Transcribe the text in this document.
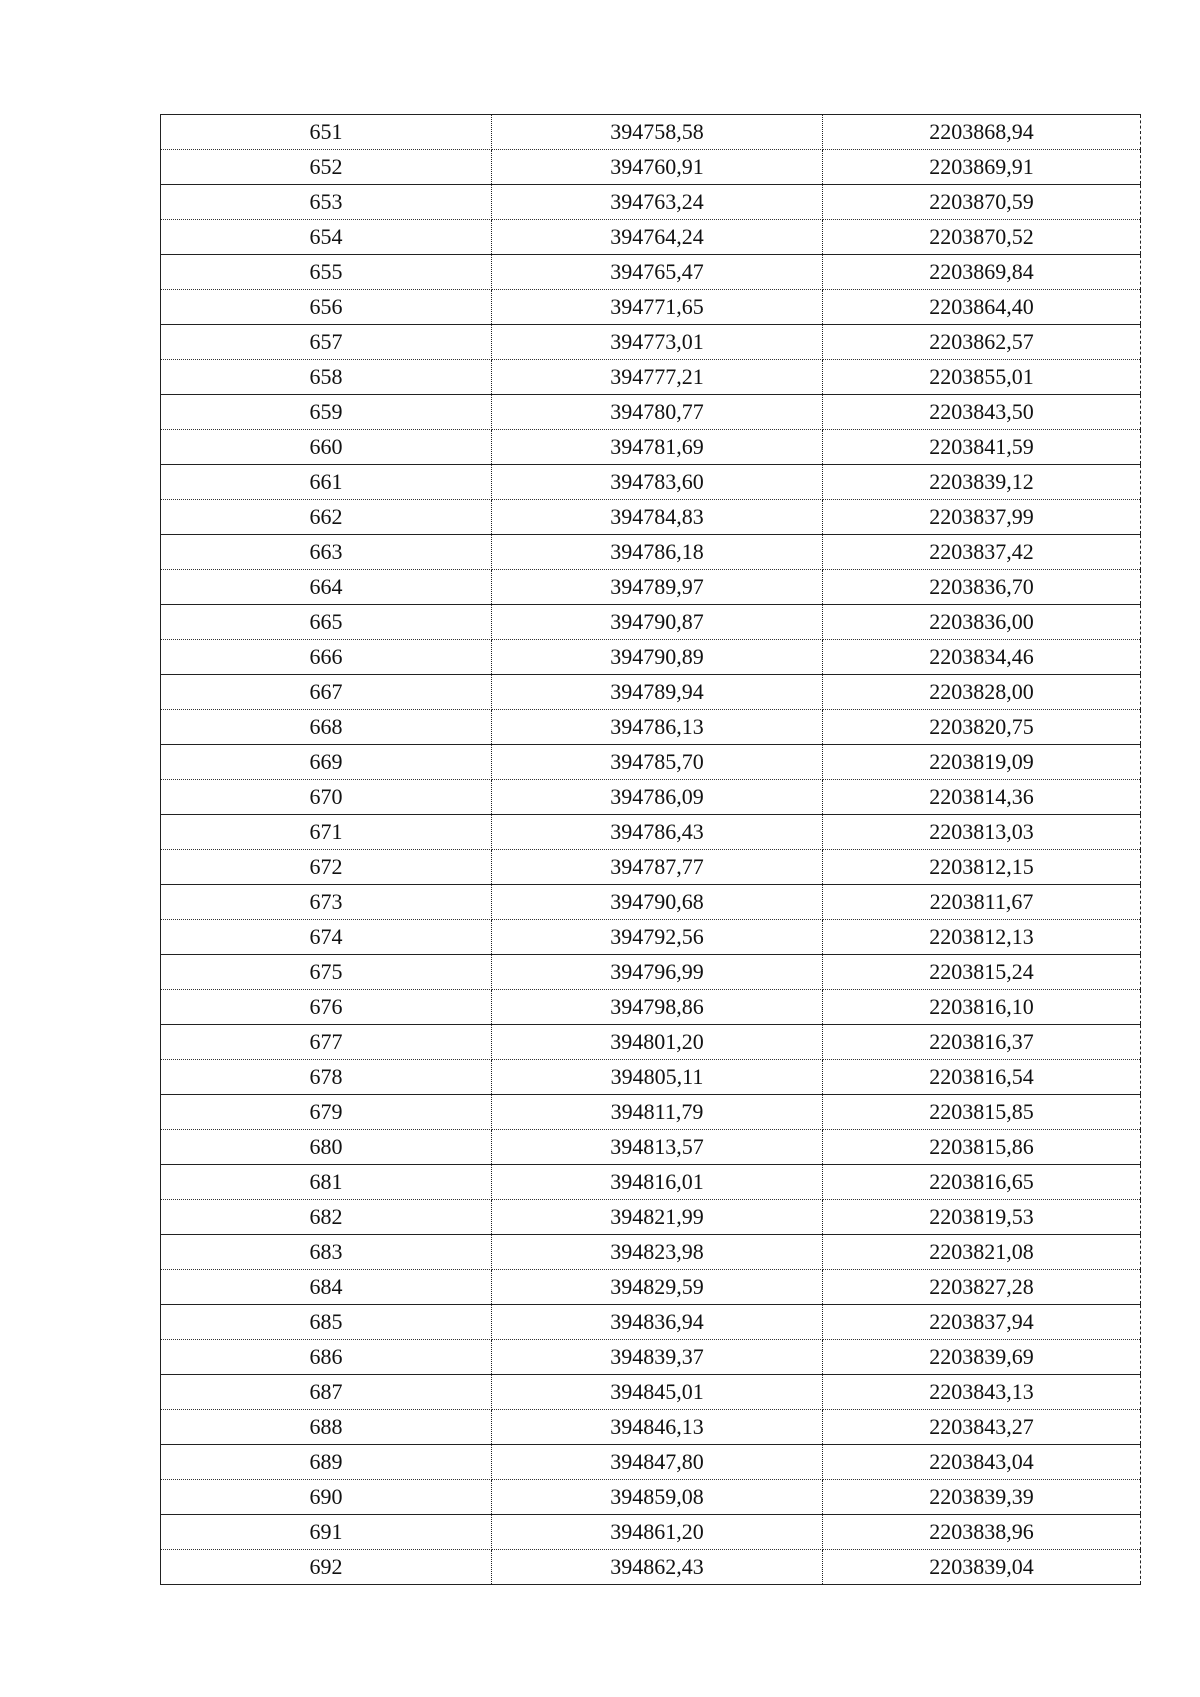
651	394758,58	2203868,94
652	394760,91	2203869,91
653	394763,24	2203870,59
654	394764,24	2203870,52
655	394765,47	2203869,84
656	394771,65	2203864,40
657	394773,01	2203862,57
658	394777,21	2203855,01
659	394780,77	2203843,50
660	394781,69	2203841,59
661	394783,60	2203839,12
662	394784,83	2203837,99
663	394786,18	2203837,42
664	394789,97	2203836,70
665	394790,87	2203836,00
666	394790,89	2203834,46
667	394789,94	2203828,00
668	394786,13	2203820,75
669	394785,70	2203819,09
670	394786,09	2203814,36
671	394786,43	2203813,03
672	394787,77	2203812,15
673	394790,68	2203811,67
674	394792,56	2203812,13
675	394796,99	2203815,24
676	394798,86	2203816,10
677	394801,20	2203816,37
678	394805,11	2203816,54
679	394811,79	2203815,85
680	394813,57	2203815,86
681	394816,01	2203816,65
682	394821,99	2203819,53
683	394823,98	2203821,08
684	394829,59	2203827,28
685	394836,94	2203837,94
686	394839,37	2203839,69
687	394845,01	2203843,13
688	394846,13	2203843,27
689	394847,80	2203843,04
690	394859,08	2203839,39
691	394861,20	2203838,96
692	394862,43	2203839,04
